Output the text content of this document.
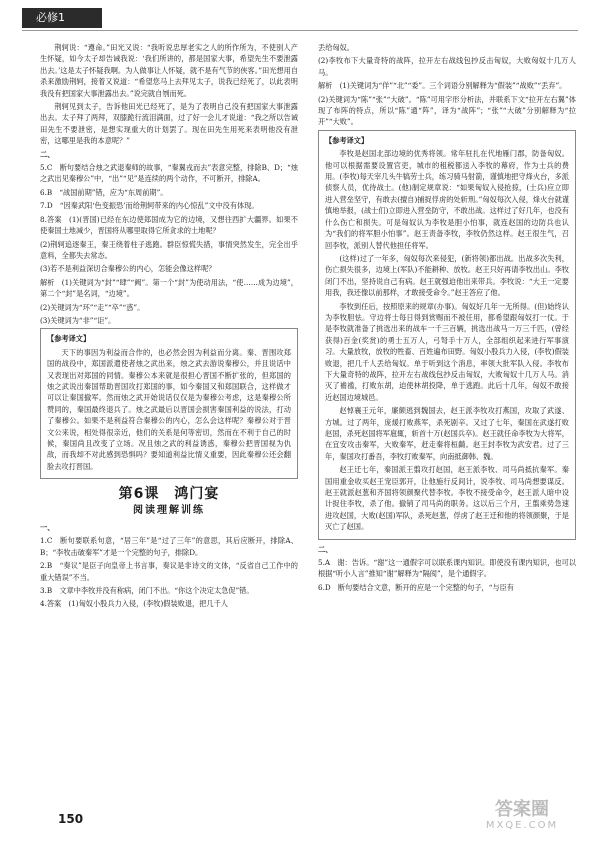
必修1

荆轲说：“遵命。”田光又说：“我听说忠厚老实之人的所作所为，不使别人产生怀疑，如今太子却告诫我说：‘我们所讲的，都是国家大事，希望先生不要泄露出去。’这是太子怀疑我啊。为人做事让人怀疑，就不是有气节的侠客。”田光想用自杀来激励荆轲，接着又说道：“希望您马上去拜见太子，说我已经死了，以此表明我没有把国家大事泄露出去。”说完就自刎而死。

荆轲见到太子，告诉他田光已经死了，是为了表明自己没有把国家大事泄露出去。太子拜了两拜，双膝跪行流泪满面，过了好一会儿才说道：“我之所以告诫田先生不要泄密，是想实现重大的计划罢了。现在田先生用死来表明他没有泄密，这哪里是我的本意呢？”

二、

5.C　断句要结合烛之武退秦师的故事，“秦翼戎而去”表意完整，排除B、D；“烛之武出见秦穆公”中，“出”“见”是连续的两个动作，不可断开，排除A。

6.B　“战国前期”错，应为“东周前期”。

7.D　“因秦武阳‘色变振恐’而给荆轲带来的内心惊乱”文中没有体现。

8.答案　(1)(晋国)已经在东边使郑国成为它的边境，又想往西扩大疆界。如果不使秦国土地减少，晋国将从哪里取得它所贪求的土地呢？

(2)荆轲追逐秦王，秦王绕着柱子逃跑。群臣惊慌失措，事情突然发生，完全出乎意料，全都失去常态。

(3)若不是利益深切合秦穆公的内心，怎能会像这样呢？

解析　(1)关键词为“封”“肆”“阙”。第一个“封”为使动用法，“使……成为边境”，第二个“封”是名词，“边境”。

(2)关键词为“环”“走”“卒”“惑”。

(3)关键词为“非”“讵”。

【参考译文】

天下的事因为利益而合作的，也必然会因为利益而分离。秦、晋围攻郑国的战役中，郑国派遣使者烛之武出来，烛之武去游说秦穆公，并且说话中又表现出对郑国的同情。秦穆公本来就是很担心晋国不断扩张的，但郑国的烛之武说出秦国帮助晋国攻打郑国的事，如今秦国又和郑国联合，这样做才可以让秦国撤军。然而烛之武开始说话仅仅是为秦穆公考虑，这是秦穆公所赞同的，秦国最终退兵了。烛之武最后以晋国会损害秦国利益的说法，打动了秦穆公。如果不是利益符合秦穆公的内心，怎么会这样呢？秦穆公对于晋文公来说，相处得很亲近，他们的关系是何等密切，然而在不利于自己的时候，秦国尚且改变了立场。况且烛之武的利益诱惑，秦穆公把晋国视为仇敌，而我却不对此感到恐惧吗？要知道利益比情义重要，因此秦穆公还会翻脸去攻打晋国。

第6课　鸿门宴
阅读理解训练

一、

1.C　断句要联系句意，“居三年”是“过了三年”的意思，其后应断开，排除A、B；“李牧击破秦军”才是一个完整的句子，排除D。

2.B　“奏议”是臣子向皇帝上书言事，奏议是非诗文的文体，“反省自己工作中的重大错误”不当。

3.B　文章中李牧并没有称病，闭门不出。“你这个决定太急促”错。

4.答案　(1)匈奴小股兵力入侵，(李牧)假装败退，把几千人

丢给匈奴。

(2)李牧布下大量奇特的战阵，拉开左右战线包抄反击匈奴，大败匈奴十几万人马。

解析　(1)关键词为“佯”“北”“委”。三个词语分别解释为“假装”“战败”“丢弃”。

(2)关键词为“陈”“张”“大破”。“陈”可用字形分析法，并联系下文“拉开左右翼”体现了布阵的特点，所以“陈”通“阵”，译为“战阵”；“张”“大破”分别解释为“拉开”“大败”。

【参考译文】

李牧是赵国北部边境的优秀将领。常年驻扎在代地雁门郡，防备匈奴。他可以根据需要设置官吏，城市的租税都送入李牧的幕府，作为士兵的费用。(李牧)每天宰几头牛犒劳士兵，练习骑马射箭，谨慎地把守烽火台，多派侦察人员，优待战士。(他)制定规章说：“如果匈奴入侵抢掠，(士兵)应立即进入营垒坚守，有敢去(擅自)捕捉俘虏的处斩刑。”匈奴每次入侵，烽火台就谨慎地举报，(战士们)立即进入营垒防守，不敢出战。这样过了好几年，也没有什么伤亡和损失。可是匈奴认为李牧是胆小怕事，就连赵国的边防兵也认为“我们的将军胆小怕事”。赵王责备李牧，李牧仍然这样。赵王很生气，召回李牧，派别人替代他担任将军。

(这样)过了一年多，匈奴每次来侵犯，(新将领)都出战。出战多次失利，伤亡损失很多，边境上(军队)不能耕种、放牧。赵王只好再请李牧出山。李牧闭门不出，坚持说自己有病。赵王就强迫他出来带兵。李牧说：“大王一定要用我，我还像以前那样，才敢接受命令。”赵王答应了他。

李牧到任后，按照原来的规章(办事)。匈奴好几年一无所得。(但)始终认为李牧胆怯。守边将士每日得到赏赐而不被任用，都希望跟匈奴打一仗。于是李牧就准备了挑选出来的战车一千三百辆，挑选出战马一万三千匹，(曾经获得)百金(奖赏)的勇士五万人，弓弩手十万人，全部组织起来进行军事演习。大量放牧，放牧的牲畜、百姓遍布田野。匈奴小股兵力入侵，(李牧)假装败退，把几千人丢给匈奴。单于听到这个消息，率领大批军队入侵。李牧布下大量奇特的战阵，拉开左右战线包抄反击匈奴，大败匈奴十几万人马。消灭了襜褴，打败东胡，迫使林胡投降，单于逃跑。此后十几年，匈奴不敢接近赵国边境城邑。

赵悼襄王元年，廉颇逃到魏国去，赵王派李牧攻打燕国，攻取了武遂、方城。过了两年，庞煖打败燕军，杀死剧辛。又过了七年，秦国在武遂打败赵国，杀死赵国将军扈辄，斩首十万(赵国兵卒)。赵王就任命李牧为大将军，在宜安攻击秦军，大败秦军，赶走秦将桓齮。赵王封李牧为武安君。过了三年，秦国攻打番吾，李牧打败秦军，向南抵御韩、魏。

赵王迁七年，秦国派王翦攻打赵国，赵王派李牧、司马尚抵抗秦军。秦国用重金收买赵王宠臣郭开，让他施行反间计，说李牧、司马尚想要谋反。赵王就派赵葱和齐国将领颜聚代替李牧。李牧不接受命令，赵王派人暗中设计捉住李牧，杀了他。撤销了司马尚的职务。这以后三个月，王翦乘势急速进攻赵国，大败(赵国)军队，杀死赵葱，俘虏了赵王迁和他的将领颜聚，于是灭亡了赵国。

二、

5.A　谢：告诉。“谢”这一通假字可以联系课内知识。即使没有课内知识，也可以根据“听小人言”推知“谢”解释为“隔阂”，是个通假字。

6.D　断句要结合文意，断开的应是一个完整的句子，“与臣有

150	答案圈
MXQE.COM
